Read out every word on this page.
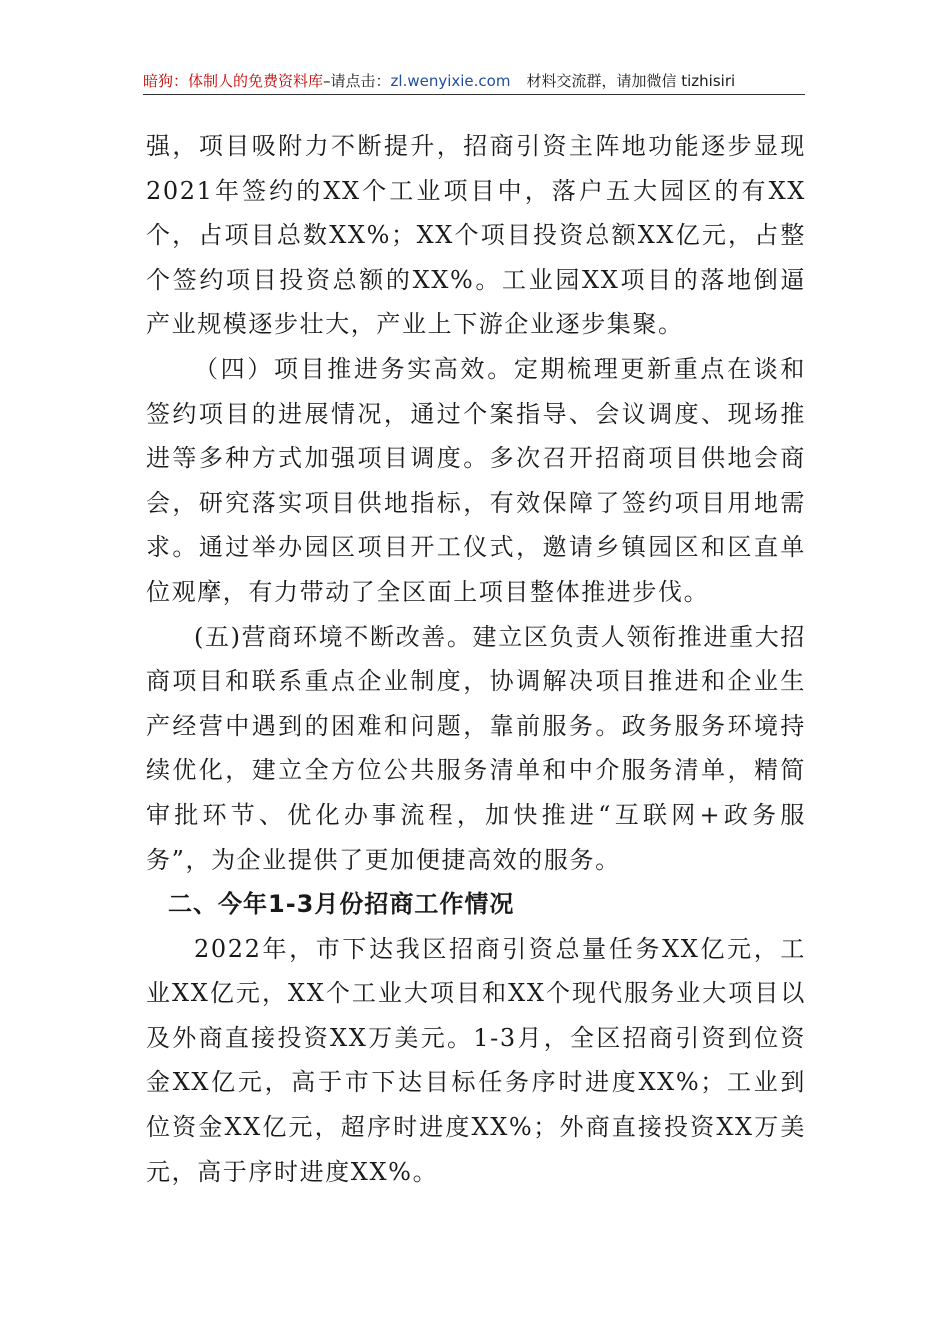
暗狗：体制人的免费资料库–请点击：zl.wenyixie.com 材料交流群，请加微信 tizhisiri

强，项目吸附力不断提升，招商引资主阵地功能逐步显现 2021年签约的XX个工业项目中，落户五大园区的有XX个，占项目总数XX%；XX个项目投资总额XX亿元，占整个签约项目投资总额的XX%。工业园XX项目的落地倒逼产业规模逐步壮大，产业上下游企业逐步集聚。

（四）项目推进务实高效。定期梳理更新重点在谈和签约项目的进展情况，通过个案指导、会议调度、现场推进等多种方式加强项目调度。多次召开招商项目供地会商会，研究落实项目供地指标，有效保障了签约项目用地需求。通过举办园区项目开工仪式，邀请乡镇园区和区直单位观摩，有力带动了全区面上项目整体推进步伐。

(五)营商环境不断改善。建立区负责人领衔推进重大招商项目和联系重点企业制度，协调解决项目推进和企业生产经营中遇到的困难和问题，靠前服务。政务服务环境持续优化，建立全方位公共服务清单和中介服务清单，精简审批环节、优化办事流程，加快推进“互联网+政务服务”，为企业提供了更加便捷高效的服务。

二、今年1-3月份招商工作情况

2022年，市下达我区招商引资总量任务XX亿元，工业XX亿元，XX个工业大项目和XX个现代服务业大项目以及外商直接投资XX万美元。1-3月，全区招商引资到位资金XX亿元，高于市下达目标任务序时进度XX%；工业到位资金XX亿元，超序时进度XX%；外商直接投资XX万美元，高于序时进度XX%。
